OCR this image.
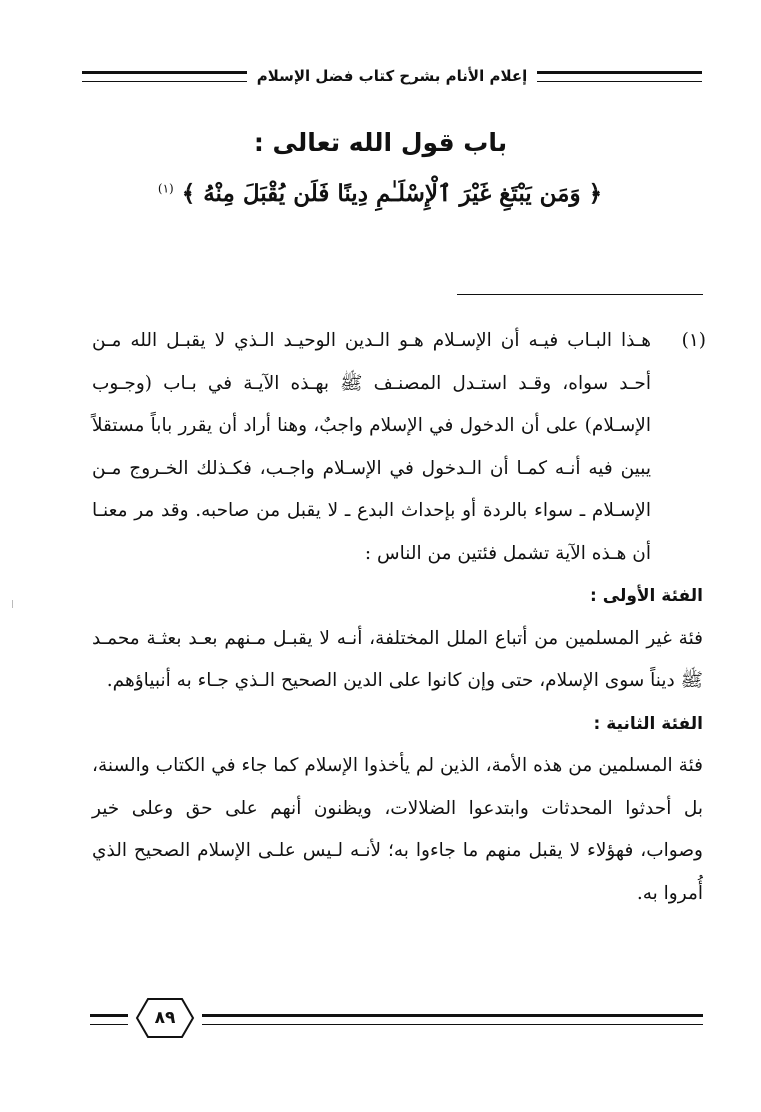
إعلام الأنام بشرح كتاب فضل الإسلام
باب قول الله تعالى :
﴿ وَمَن يَبْتَغِ غَيْرَ ٱلْإِسْلَـٰمِ دِينًا فَلَن يُقْبَلَ مِنْهُ ﴾ $^{(١)}$
(١)

هـذا البـاب فيـه أن الإسـلام هـو الـدين الوحيـد الـذي لا يقبـل الله مـن أحـد سواه، وقـد استـدل المصنـف ﷺ بهـذه الآيـة في بـاب (وجـوب الإسـلام) على أن الدخول في الإسلام واجبٌ، وهنا أراد أن يقرر باباً مستقلاً يبين فيه أنـه كمـا أن الـدخول في الإسـلام واجـب، فكـذلك الخـروج مـن الإسـلام ـ سواء بالردة أو بإحداث البدع ـ لا يقبل من صاحبه. وقد مر معنـا أن هـذه الآية تشمل فئتين من الناس :

الفئة الأولى :

فئة غير المسلمين من أتباع الملل المختلفة، أنـه لا يقبـل مـنهم بعـد بعثـة محمـد ﷺ ديناً سوى الإسلام، حتى وإن كانوا على الدين الصحيح الـذي جـاء به أنبياؤهم.

الفئة الثانية :

فئة المسلمين من هذه الأمة، الذين لم يأخذوا الإسلام كما جاء في الكتاب والسنة، بل أحدثوا المحدثات وابتدعوا الضلالات، ويظنون أنهم على حق وعلى خير وصواب، فهؤلاء لا يقبل منهم ما جاءوا به؛ لأنـه لـيس علـى الإسلام الصحيح الذي أُمروا به.

٨٩
